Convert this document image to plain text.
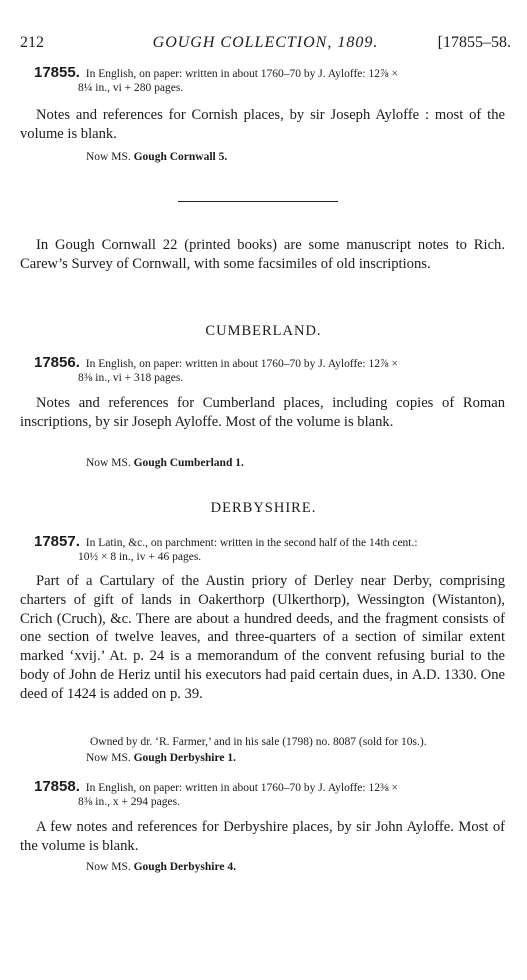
212	GOUGH COLLECTION, 1809.	[17855–58.
17855. In English, on paper: written in about 1760–70 by J. Ayloffe: 12⅞ ×
8¼ in., vi + 280 pages.

Notes and references for Cornish places, by sir Joseph Ayloffe : most of the volume is blank.

Now MS. Gough Cornwall 5.

In Gough Cornwall 22 (printed books) are some manuscript notes to Rich. Carew’s Survey of Cornwall, with some facsimiles of old inscriptions.

CUMBERLAND.
17856. In English, on paper: written in about 1760–70 by J. Ayloffe: 12⅞ ×
8⅜ in., vi + 318 pages.

Notes and references for Cumberland places, including copies of Roman inscriptions, by sir Joseph Ayloffe. Most of the volume is blank.

Now MS. Gough Cumberland 1.
DERBYSHIRE.
17857. In Latin, &c., on parchment: written in the second half of the 14th cent.:
10½ × 8 in., iv + 46 pages.

Part of a Cartulary of the Austin priory of Derley near Derby, comprising charters of gift of lands in Oakerthorp (Ulkerthorp), Wessington (Wistanton), Crich (Cruch), &c. There are about a hundred deeds, and the fragment consists of one section of twelve leaves, and three-quarters of a section of similar extent marked ‘xvij.’ At. p. 24 is a memorandum of the convent refusing burial to the body of John de Heriz until his executors had paid certain dues, in A.D. 1330. One deed of 1424 is added on p. 39.

Owned by dr. ‘R. Farmer,’ and in his sale (1798) no. 8087 (sold for 10s.).
Now MS. Gough Derbyshire 1.
17858. In English, on paper: written in about 1760–70 by J. Ayloffe: 12⅜ ×
8⅜ in., x + 294 pages.

A few notes and references for Derbyshire places, by sir John Ayloffe. Most of the volume is blank.

Now MS. Gough Derbyshire 4.
